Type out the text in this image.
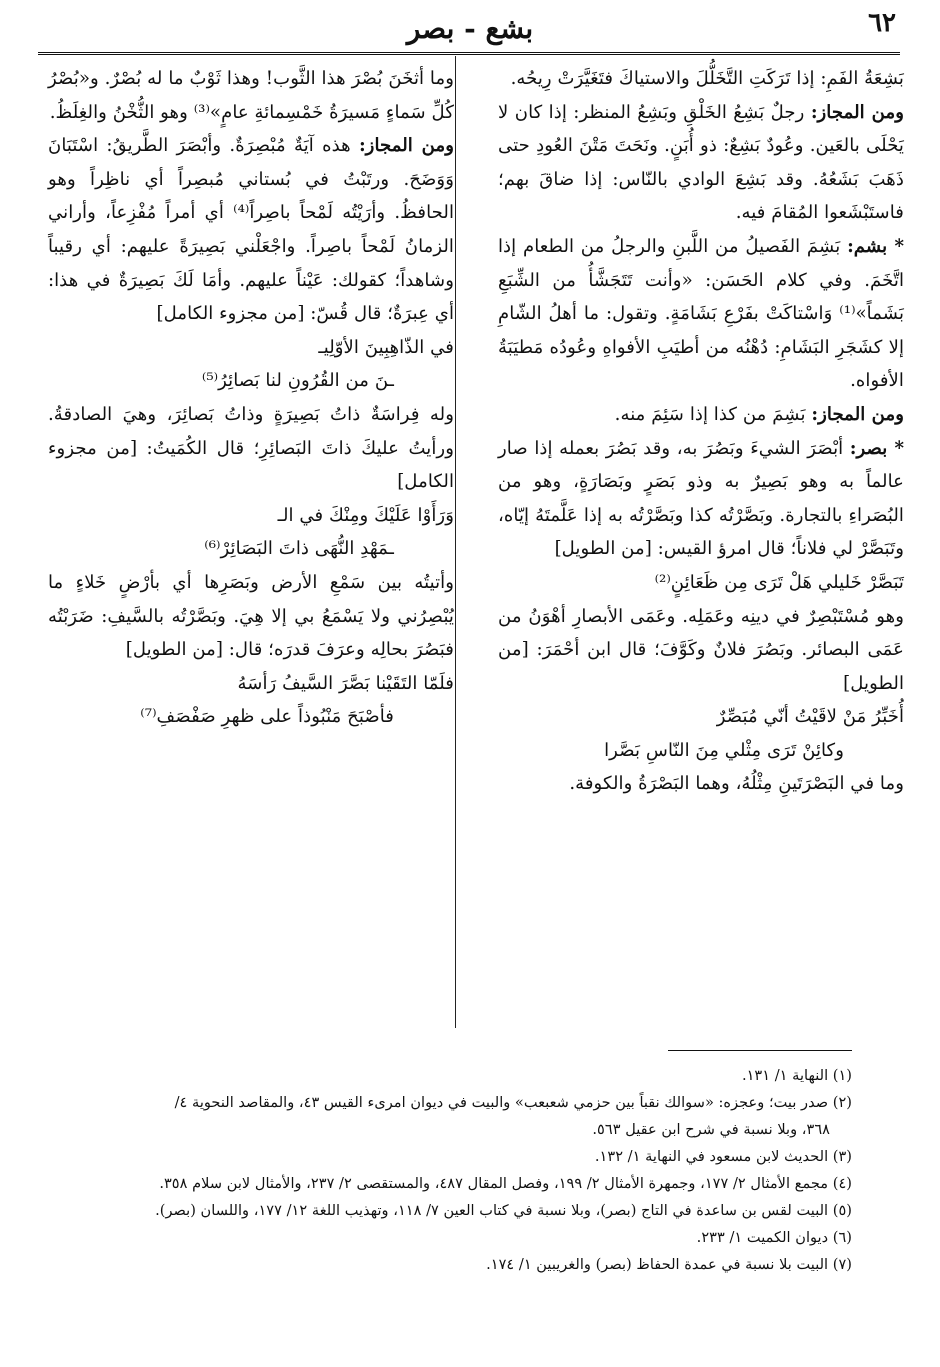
٦٢
بشع - بصر

بَشِعَةُ الفَمِ: إذا تَرَكَتِ التَّخَلُّلَ والاستياكَ فتَغَيَّرَتْ رِيحُه.

ومن المجاز: رجلٌ بَشِعُ الخَلْقِ وبَشِعُ المنظر: إذا كان لا يَحْلَى بالعَين. وعُودٌ بَشِعٌ: ذو أُبَنٍ. ونَحَتَ مَتْنَ العُودِ حتى ذَهَبَ بَشَعُهُ. وقد بَشِعَ الوادي بالنّاس: إذا ضاقَ بهم؛ فاستَبْشَعوا المُقامَ فيه.

* بشم: بَشِمَ الفَصيلُ من اللَّبنِ والرجلُ من الطعام إذا اتَّخَمَ. وفي كلام الحَسَن: «وأنت تَتَجَشَّأُ من الشِّبَعِ بَشَماً»⁽¹⁾ وَاسْتاكَتْ بفَرْعِ بَشَامَةٍ. وتقول: ما أهلُ الشّامِ إلا كشَجَرِ البَشَامِ: دُهْنُه من أطيَبِ الأفواهِ وعُودُه مَطيَبَةُ الأفواه.

ومن المجاز: بَشِمَ من كذا إذا سَئِمَ منه.

* بصر: أبْصَرَ الشيءَ وبَصُرَ به، وقد بَصُرَ بعمله إذا صار عالماً به وهو بَصِيرٌ به وذو بَصَرٍ وبَصَارَةٍ، وهو من البُصَراءِ بالتجارة. وبَصَّرْتُه كذا وبَصَّرْتُه به إذا عَلَّمتَهُ إيّاه، وتَبَصَّرْ لي فلاناً؛ قال امرؤ القيس: [من الطويل]

تَبَصَّرْ خَليلي هَلْ تَرَى مِن ظَعَائِنٍ⁽²⁾

وهو مُسْتَبْصِرٌ في دينِه وعَمَلِه. وعَمَى الأبصارِ أهْوَنُ من عَمَى البصائر. وبَصُرَ فلانٌ وكَوَّفَ؛ قال ابن أحْمَرَ: [من الطويل]

أُخَبِّرُ مَنْ لاقَيْتُ أنّي مُبَصِّرٌ

وكائِنْ تَرَى مِثْلي مِنَ النّاسِ بَصَّرا

وما في البَصْرَتَينِ مِثْلُهُ، وهما البَصْرَةُ والكوفة.

وما أثخَنَ بُصْرَ هذا الثَّوب! وهذا ثَوْبٌ ما له بُصْرٌ. و«بُصْرُ كُلِّ سَماءٍ مَسيرَةُ خَمْسِمائةِ عامٍ»⁽³⁾ وهو الثُّخْنُ والغِلَظُ.

ومن المجاز: هذه آيَةٌ مُبْصِرَةٌ. وأبْصَرَ الطَّريقُ: اسْتَبَانَ وَوَضَحَ. ورتَبْتُ في بُستاني مُبصِراً أي ناظِراً وهو الحافظُ. وأرَيْتُه لَمْحاً باصِراً⁽⁴⁾ أي أمراً مُفْزِعاً، وأراني الزمانُ لَمْحاً باصِراً. واجْعَلْني بَصِيرَةً عليهم: أي رقيباً وشاهداً؛ كقولك: عَيْناً عليهم. وأمَا لَكَ بَصِيرَةٌ في هذا: أي عِبرَةٌ؛ قال قُسّ: [من مجزوء الكامل]

في الذّاهِبِينَ الأوّلِيـ

ـنَ من القُرُونِ لنا بَصائِرُ⁽⁵⁾

وله فِراسَةٌ ذاتُ بَصِيرَةٍ وذاتُ بَصائِرَ، وهيَ الصادقةُ. ورأيتُ عليكَ ذاتَ البَصائِرِ؛ قال الكُمَيتُ: [من مجزوء الكامل]

وَرَأَوْا عَلَيْكَ ومِنْكَ في الـ

ـمَهْدِ النُّهَى ذاتَ البَصَائِرْ⁽⁶⁾

وأتيتُه بين سَمْعِ الأرض وبَصَرِها أي بأرْضٍ خَلاءٍ ما يُبْصِرُني ولا يَسْمَعُ بي إلا هِيَ. وبَصَّرْتُه بالسَّيفِ: ضَرَبْتُه فبَصُرَ بحالِه وعرَفَ قدرَه؛ قال: [من الطويل]

فلَمّا التَقَيْنا بَصَّرَ السَّيفُ رَأسَهُ

فأصْبَحَ مَنْبُوذاً على ظهرِ صَفْصَفِ⁽⁷⁾

(١) النهاية ١/ ١٣١.

(٢) صدر بيت؛ وعجزه: «سوالك نقباً بين حزمي شعبعب» والبيت في ديوان امرىء القيس ٤٣، والمقاصد النحوية ٤/

٣٦٨، وبلا نسبة في شرح ابن عقيل ٥٦٣.

(٣) الحديث لابن مسعود في النهاية ١/ ١٣٢.

(٤) مجمع الأمثال ٢/ ١٧٧، وجمهرة الأمثال ٢/ ١٩٩، وفصل المقال ٤٨٧، والمستقصى ٢/ ٢٣٧، والأمثال لابن سلام ٣٥٨.

(٥) البيت لقس بن ساعدة في التاج (بصر)، وبلا نسبة في كتاب العين ٧/ ١١٨، وتهذيب اللغة ١٢/ ١٧٧، واللسان (بصر).

(٦) ديوان الكميت ١/ ٢٣٣.

(٧) البيت بلا نسبة في عمدة الحفاظ (بصر) والغريبين ١/ ١٧٤.
